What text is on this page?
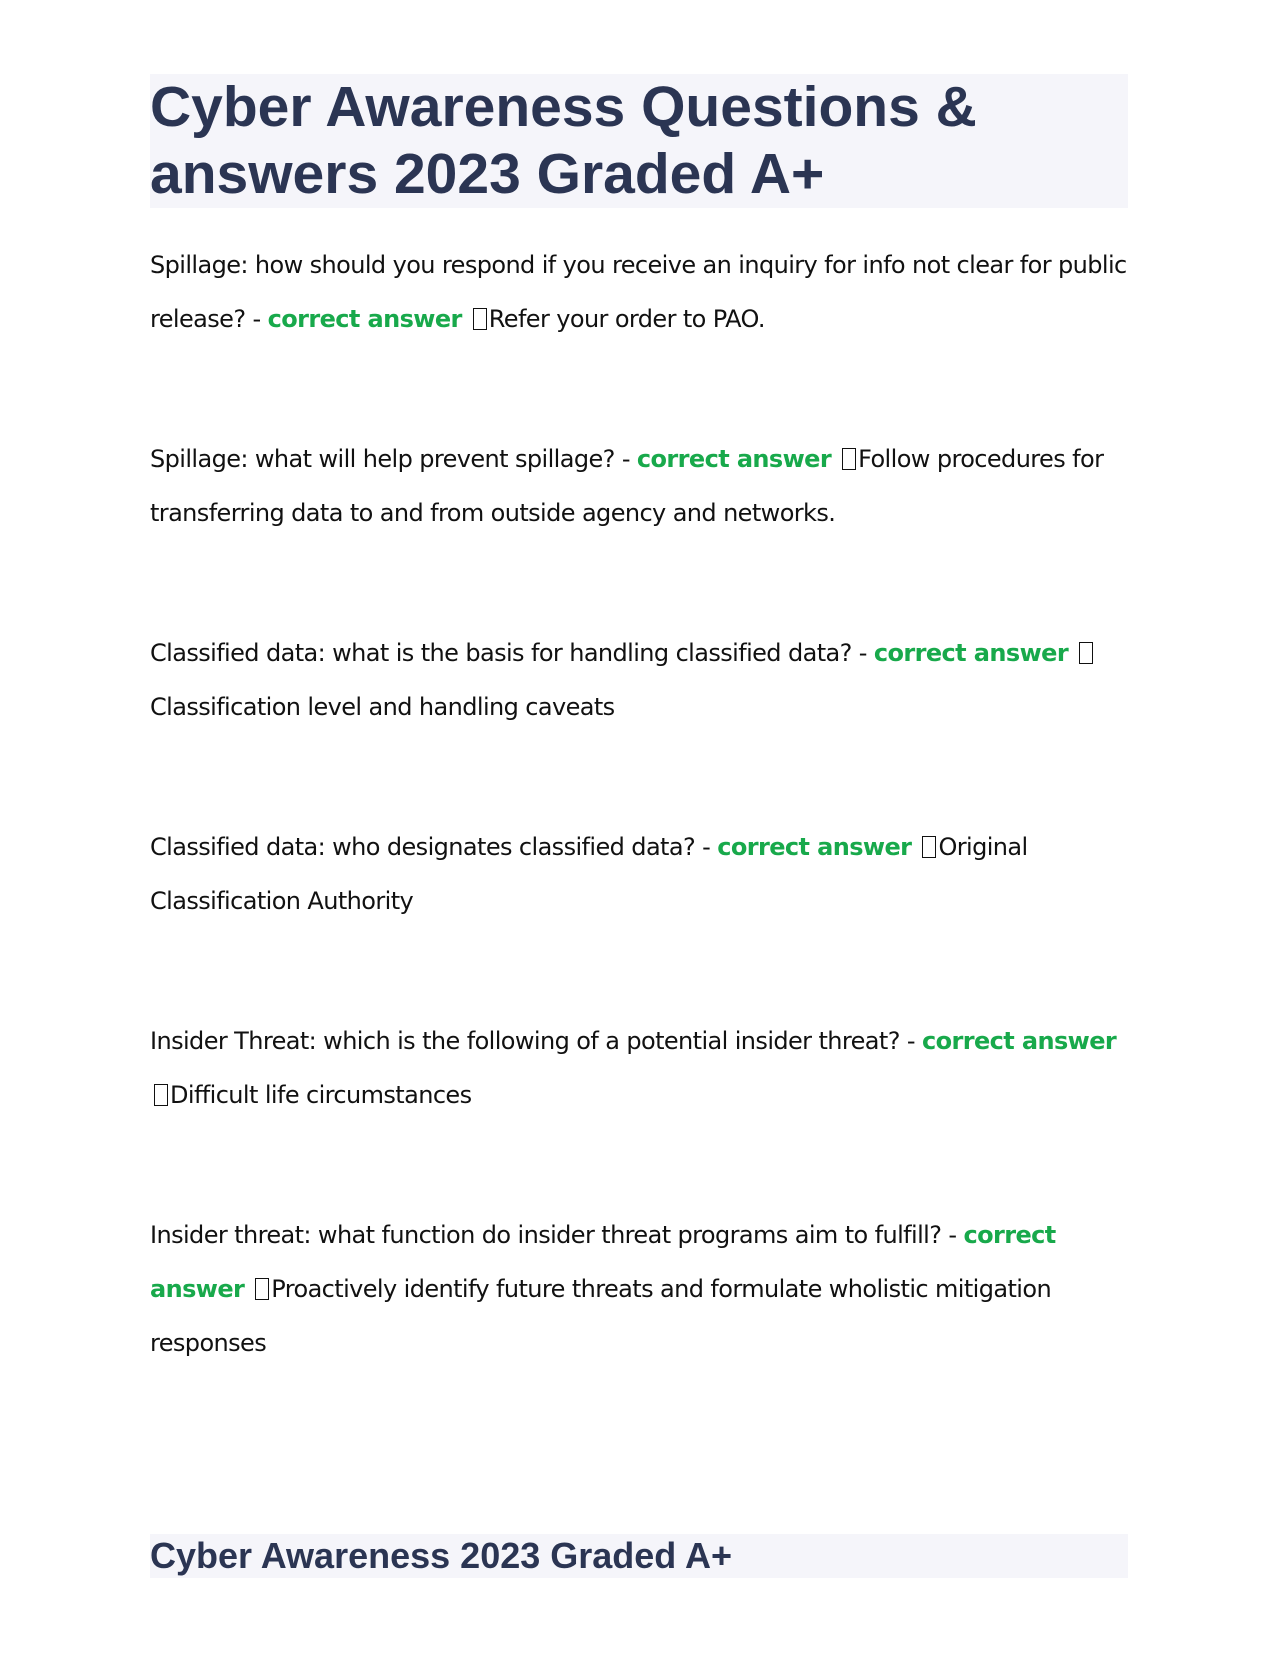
Cyber Awareness Questions & answers 2023 Graded A+

Spillage: how should you respond if you receive an inquiry for info not clear for public release? - correct answer Refer your order to PAO.

Spillage: what will help prevent spillage? - correct answer Follow procedures for transferring data to and from outside agency and networks.

Classified data: what is the basis for handling classified data? - correct answer Classification level and handling caveats

Classified data: who designates classified data? - correct answer Original Classification Authority

Insider Threat: which is the following of a potential insider threat? - correct answer Difficult life circumstances

Insider threat: what function do insider threat programs aim to fulfill? - correct answer Proactively identify future threats and formulate wholistic mitigation responses

Cyber Awareness 2023 Graded A+
